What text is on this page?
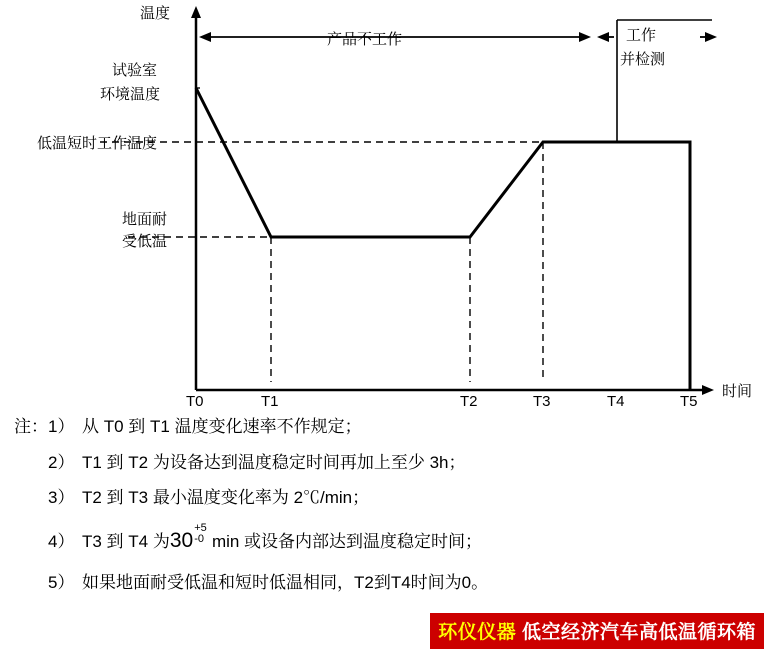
温度
时间
试验室
环境温度
低温短时工作温度
地面耐
受低温
产品不工作	工作
并检测
T0	T1	T2	T3	T4	T5
注： 1） 从 T0 到 T1 温度变化速率不作规定；
2） T1 到 T2 为设备达到温度稳定时间再加上至少 3h；
3） T2 到 T3 最小温度变化率为 2℃/min；
4） T3 到 T4 为30
+5
-0 min 或设备内部达到温度稳定时间；
5） 如果地面耐受低温和短时低温相同，T2到T4时间为0。
环仪仪器 低空经济汽车高低温循环箱
